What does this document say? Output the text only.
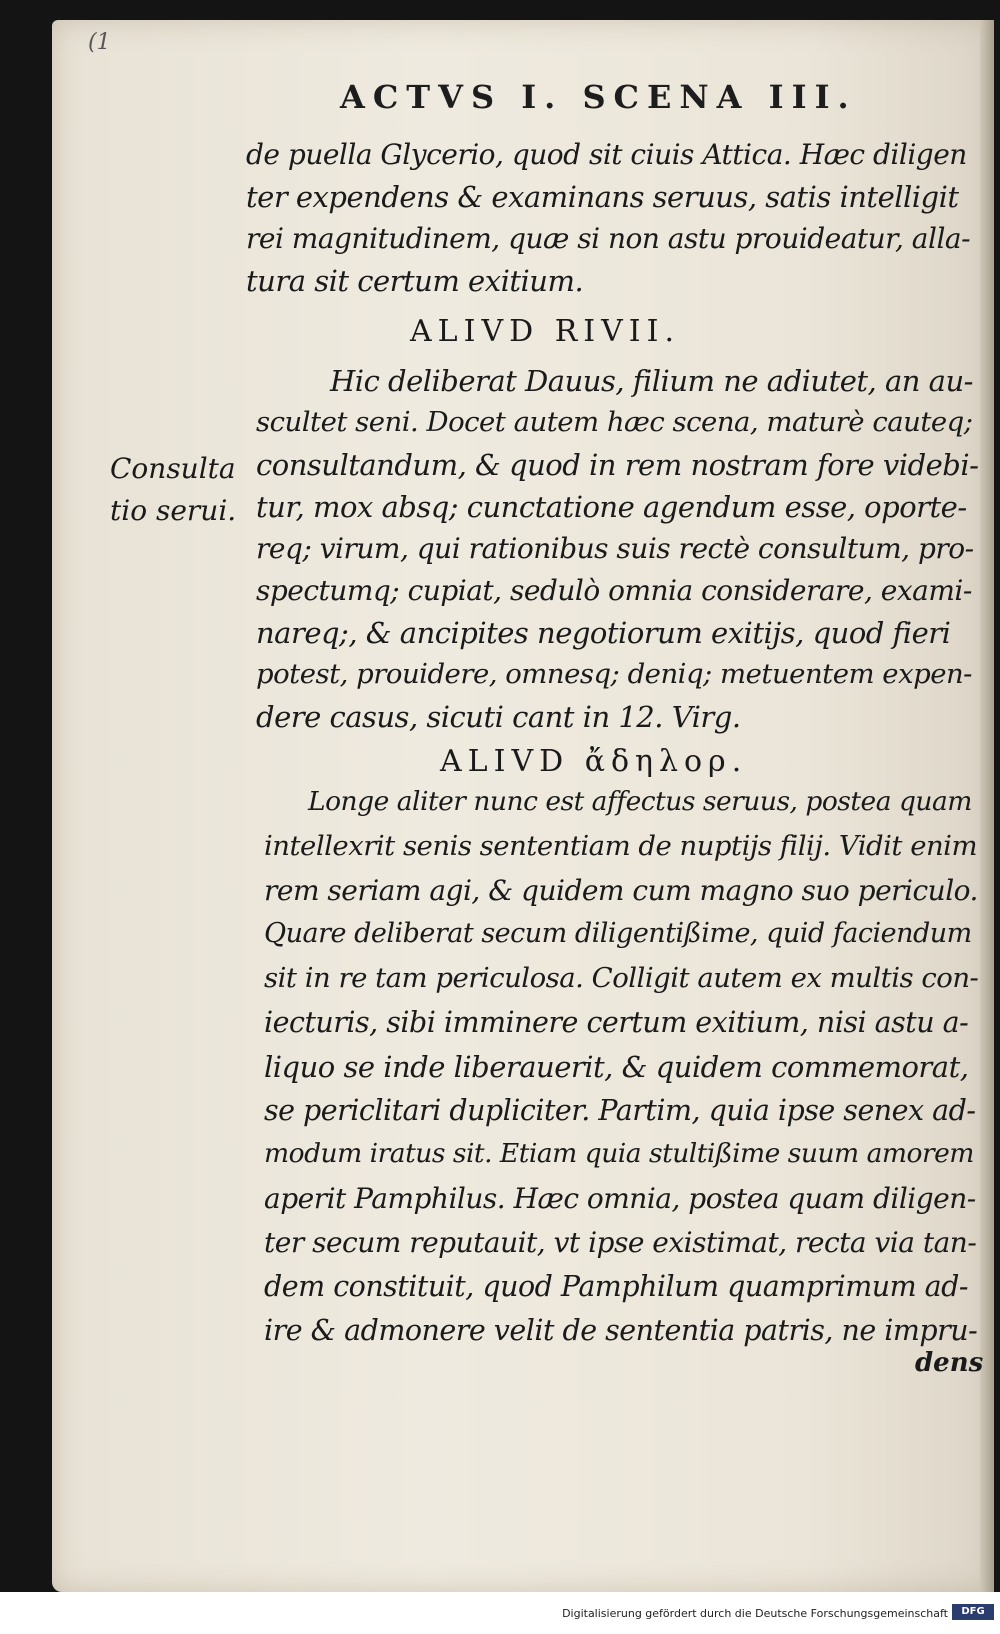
(1
ACTVS I. SCENA III.
de puella Glycerio, quod sit ciuis Attica. Hæc diligen
ter expendens & examinans seruus, satis intelligit
rei magnitudinem, quæ si non astu prouideatur, alla-
tura sit certum exitium.
ALIVD RIVII.
Hic deliberat Dauus, filium ne adiutet, an au-
scultet seni. Docet autem hæc scena, maturè cauteq;
consultandum, & quod in rem nostram fore videbi-
tur, mox absq; cunctatione agendum esse, oporte-
req; virum, qui rationibus suis rectè consultum, pro-
spectumq; cupiat, sedulò omnia considerare, exami-
nareq;, & ancipites negotiorum exitijs, quod fieri
potest, prouidere, omnesq; deniq; metuentem expen-
dere casus, sicuti cant in 12. Virg.
Consulta
tio serui.
ALIVD ἄδηλορ.
Longe aliter nunc est affectus seruus, postea quam
intellexrit senis sententiam de nuptijs filij. Vidit enim
rem seriam agi, & quidem cum magno suo periculo.
Quare deliberat secum diligentißime, quid faciendum
sit in re tam periculosa. Colligit autem ex multis con-
iecturis, sibi imminere certum exitium, nisi astu a-
liquo se inde liberauerit, & quidem commemorat,
se periclitari dupliciter. Partim, quia ipse senex ad-
modum iratus sit. Etiam quia stultißime suum amorem
aperit Pamphilus. Hæc omnia, postea quam diligen-
ter secum reputauit, vt ipse existimat, recta via tan-
dem constituit, quod Pamphilum quamprimum ad-
ire & admonere velit de sententia patris, ne impru-
dens
Digitalisierung gefördert durch die Deutsche Forschungsgemeinschaft	DFG
